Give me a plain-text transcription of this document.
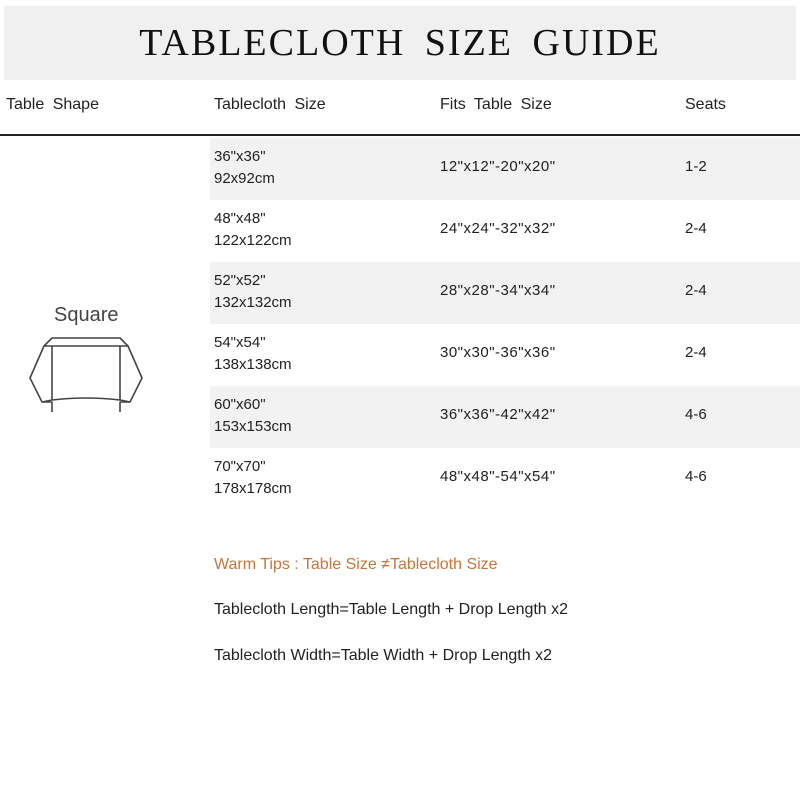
TABLECLOTH SIZE GUIDE
Table Shape	Tablecloth Size	Fits Table Size	Seats
Square
36"x36"
92x92cm
12"x12"-20"x20"	1-2
48"x48"
122x122cm
24"x24"-32"x32"	2-4
52"x52"
132x132cm
28"x28"-34"x34"	2-4
54"x54"
138x138cm
30"x30"-36"x36"	2-4
60"x60"
153x153cm
36"x36"-42"x42"	4-6
70"x70"
178x178cm
48"x48"-54"x54"	4-6
Warm Tips : Table Size ≠Tablecloth Size
Tablecloth Length=Table Length + Drop Length x2
Tablecloth Width=Table Width + Drop Length x2
